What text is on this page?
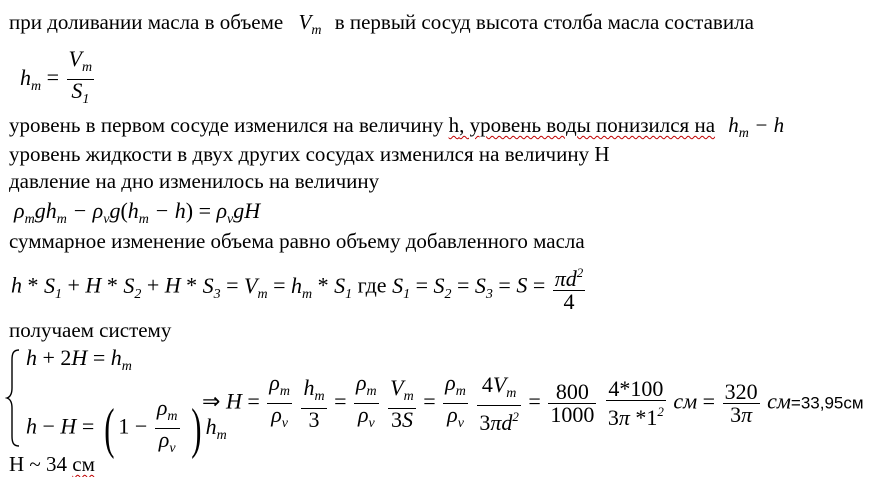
при доливании масла в объеме $V_m$ в первый сосуд высота столба масла составила
$h_m = \frac{V_m}{S_1}$
уровень в первом сосуде изменился на величину h, уровень воды понизился на $h_m - h$
уровень жидкости в двух других сосудах изменился на величину H
давление на дно изменилось на величину
$\rho_mgh_m - \rho_vg(h_m - h) = \rho_vgH$
суммарное изменение объема равно объему добавленного масла
$h * S_1 + H * S_2 + H * S_3 = V_m = h_m * S_1$ где $S_1 = S_2 = S_3 = S = \frac{\pi d^2}{4}$
получаем систему
$h + 2H = h_m$
h − H = ( $1 - \frac{\rho_m}{\rho_v}$ ) $h_m$
⇒ $H = \frac{\rho_m}{\rho_v}$
$\frac{h_m}{3} = \frac{\rho_m}{\rho_v}$
$\frac{V_m}{3S} = \frac{\rho_m}{\rho_v}$
$\frac{4V_m}{3\pi d^2} = \frac{800}{1000}$
$\frac{4*100}{3\pi *1^2}$ см = $\frac{320}{3\pi} см=33,95см$
H ~ 34 см
